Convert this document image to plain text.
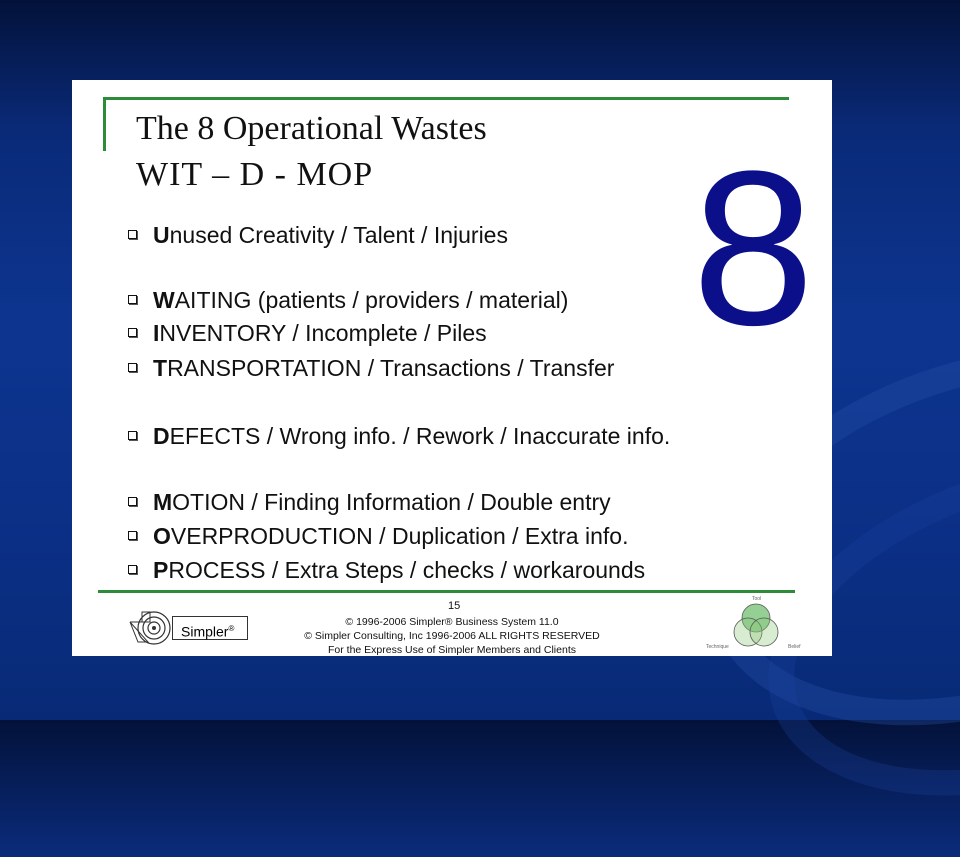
The 8 Operational Wastes
WIT – D - MOP 8
Unused Creativity / Talent / Injuries
WAITING (patients / providers / material)
INVENTORY / Incomplete / Piles
TRANSPORTATION / Transactions / Transfer
DEFECTS / Wrong info. / Rework / Inaccurate info.
MOTION / Finding Information / Double entry
OVERPRODUCTION / Duplication / Extra info.
PROCESS / Extra Steps / checks / workarounds
Simpler®
15
© 1996-2006 Simpler® Business System 11.0
© Simpler Consulting, Inc 1996-2006 ALL RIGHTS RESERVED
For the Express Use of Simpler Members and Clients
Tool
Technique	Belief
